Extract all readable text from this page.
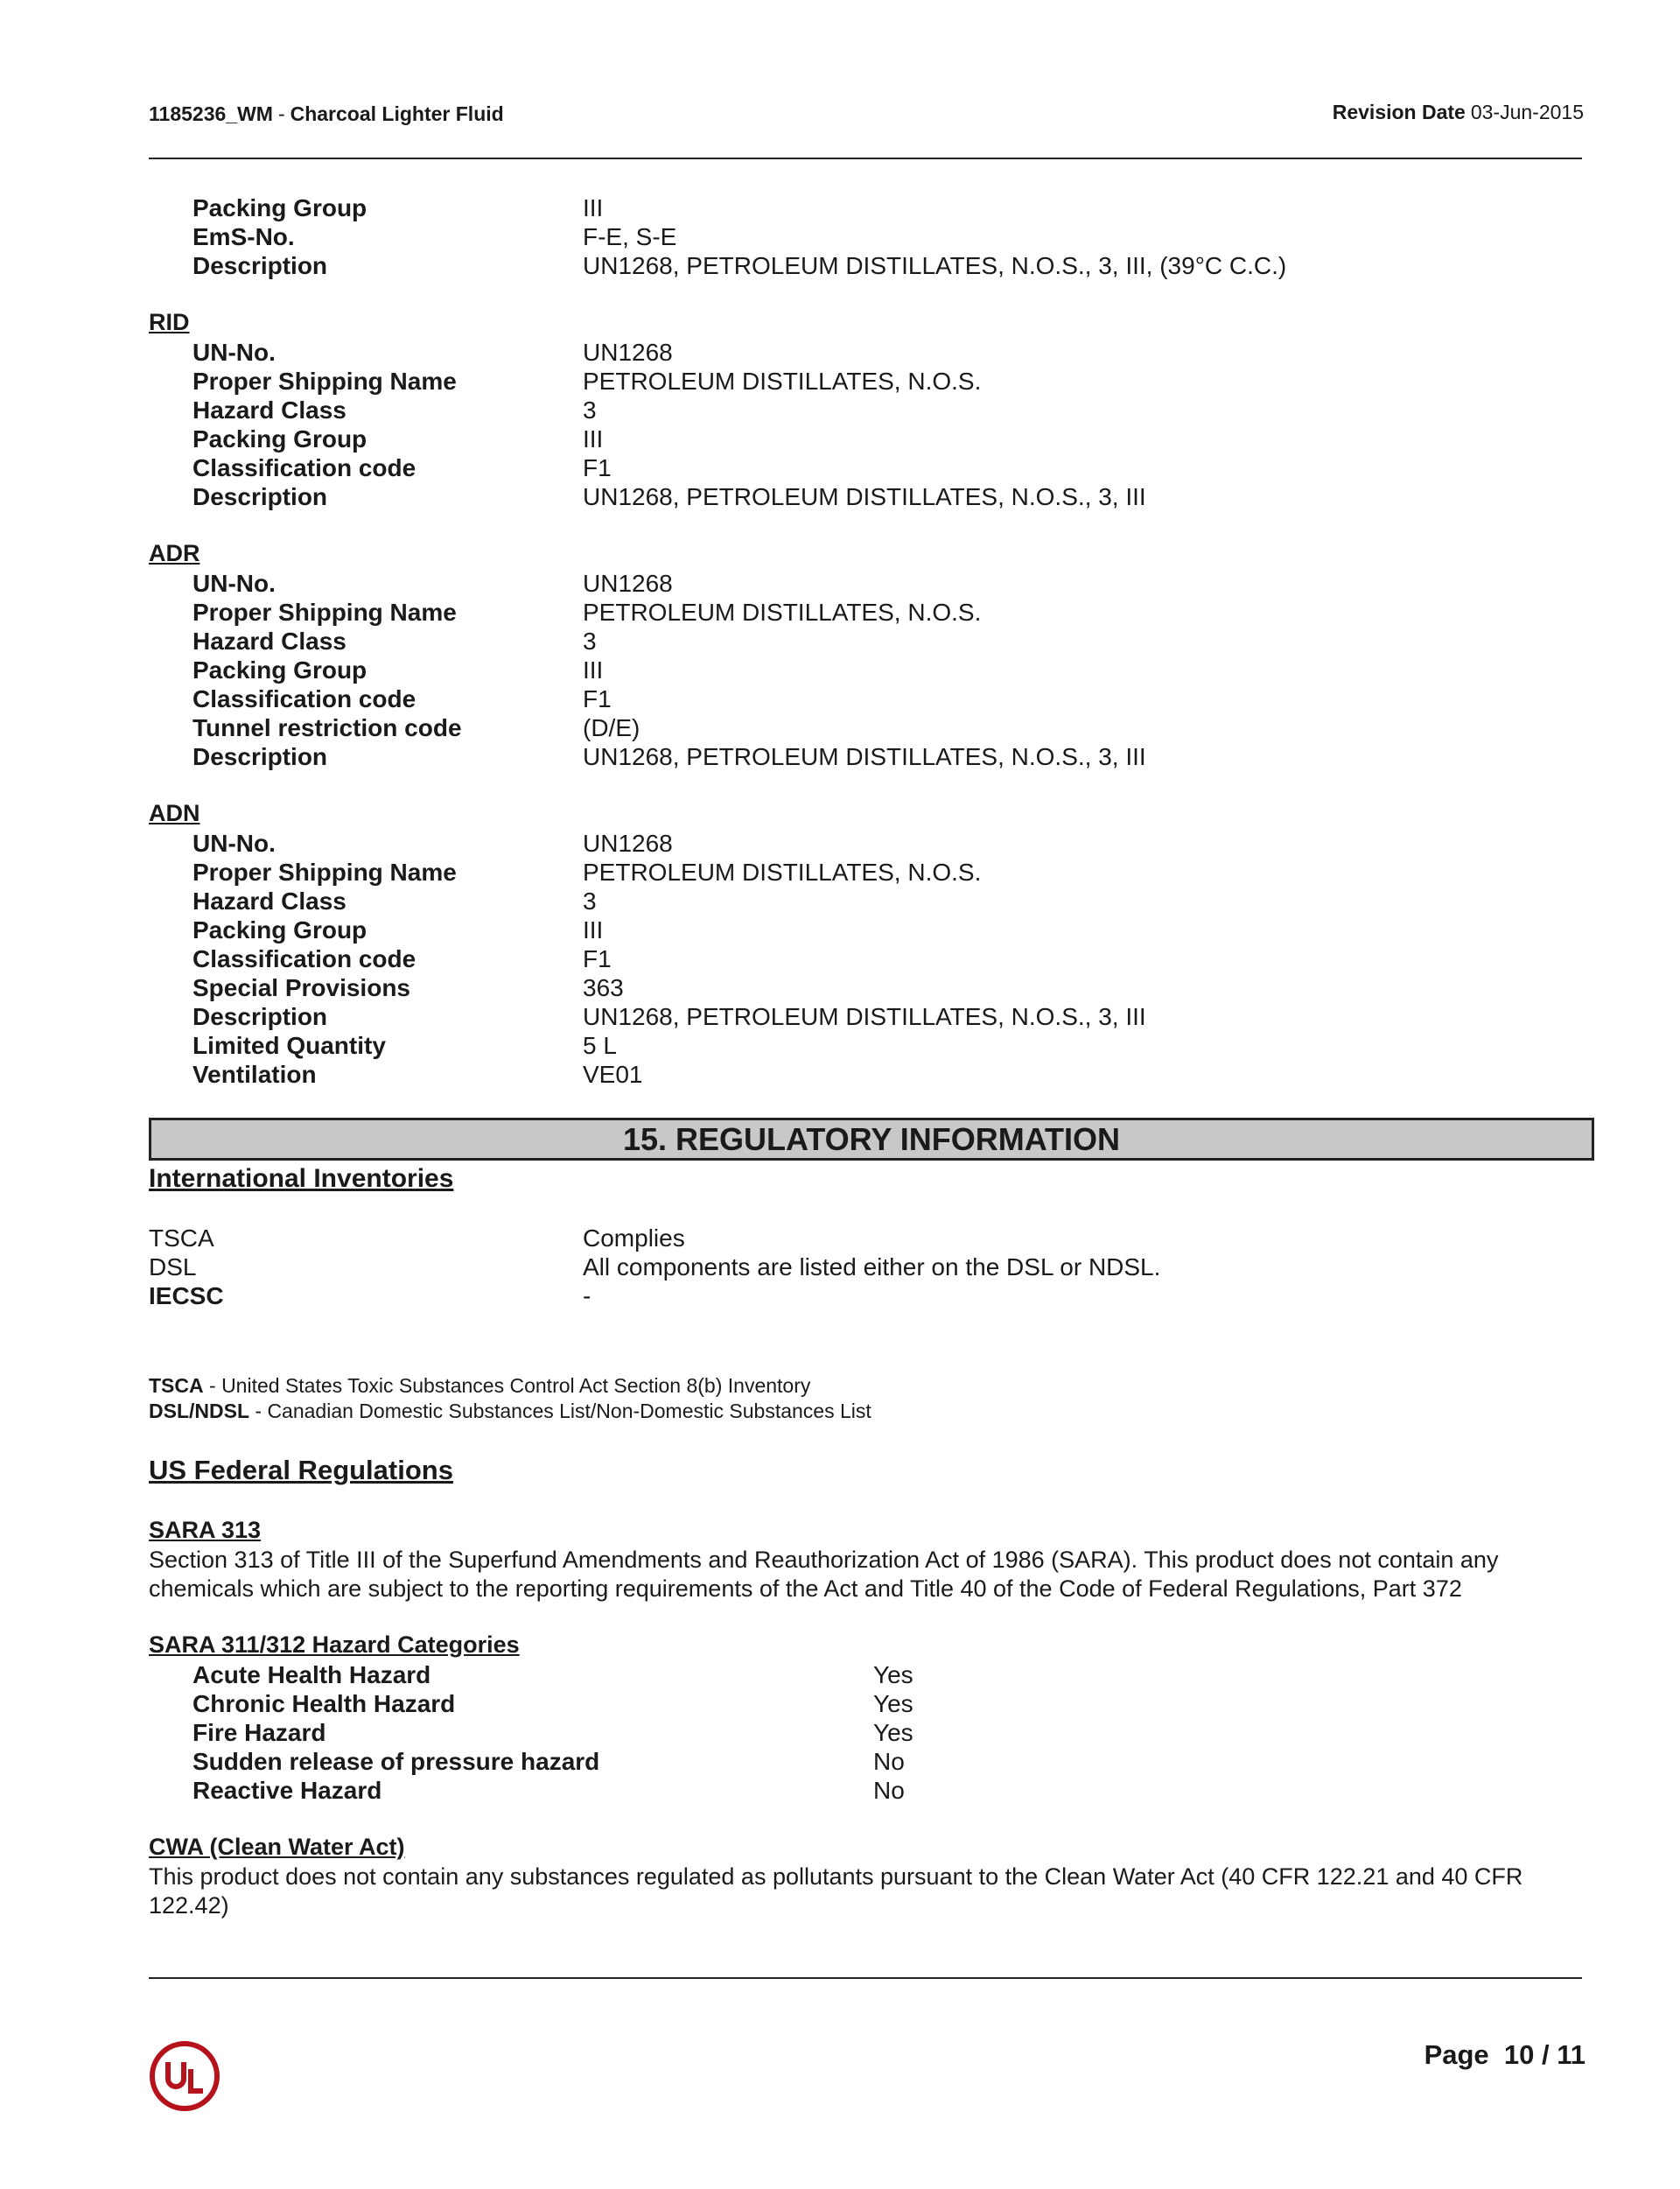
1185236_WM - Charcoal Lighter Fluid	Revision Date 03-Jun-2015
Packing Group	III
EmS-No.	F-E, S-E
Description	UN1268, PETROLEUM DISTILLATES, N.O.S., 3, III, (39°C C.C.)
RID
UN-No.	UN1268
Proper Shipping Name	PETROLEUM DISTILLATES, N.O.S.
Hazard Class	3
Packing Group	III
Classification code	F1
Description	UN1268, PETROLEUM DISTILLATES, N.O.S., 3, III
ADR
UN-No.	UN1268
Proper Shipping Name	PETROLEUM DISTILLATES, N.O.S.
Hazard Class	3
Packing Group	III
Classification code	F1
Tunnel restriction code	(D/E)
Description	UN1268, PETROLEUM DISTILLATES, N.O.S., 3, III
ADN
UN-No.	UN1268
Proper Shipping Name	PETROLEUM DISTILLATES, N.O.S.
Hazard Class	3
Packing Group	III
Classification code	F1
Special Provisions	363
Description	UN1268, PETROLEUM DISTILLATES, N.O.S., 3, III
Limited Quantity	5 L
Ventilation	VE01
15. REGULATORY INFORMATION
International Inventories
TSCA	Complies
DSL	All components are listed either on the DSL or NDSL.
IECSC	-
TSCA - United States Toxic Substances Control Act Section 8(b) Inventory
DSL/NDSL - Canadian Domestic Substances List/Non-Domestic Substances List
US Federal Regulations
SARA 313
Section 313 of Title III of the Superfund Amendments and Reauthorization Act of 1986 (SARA). This product does not contain any chemicals which are subject to the reporting requirements of the Act and Title 40 of the Code of Federal Regulations, Part 372
SARA 311/312 Hazard Categories
Acute Health Hazard	Yes
Chronic Health Hazard	Yes
Fire Hazard	Yes
Sudden release of pressure hazard	No
Reactive Hazard	No
CWA (Clean Water Act)
This product does not contain any substances regulated as pollutants pursuant to the Clean Water Act (40 CFR 122.21 and 40 CFR 122.42)
Page  10 / 11
